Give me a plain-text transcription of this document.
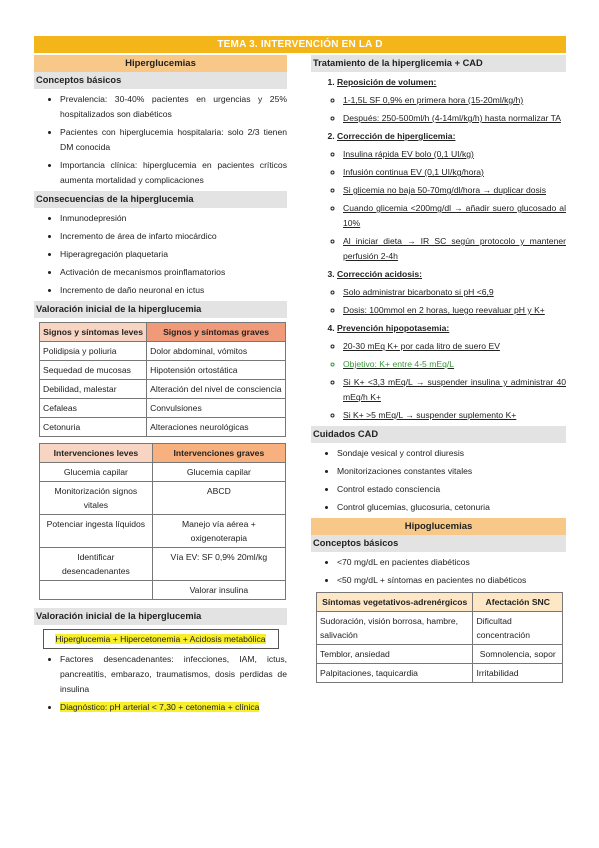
TEMA 3. INTERVENCIÓN EN LA D
Hiperglucemias
Conceptos básicos
• Prevalencia: 30-40% pacientes en urgencias y 25% hospitalizados son diabéticos
• Pacientes con hiperglucemia hospitalaria: solo 2/3 tienen DM conocida
• Importancia clínica: hiperglucemia en pacientes críticos aumenta mortalidad y complicaciones
Consecuencias de la hiperglucemia
• Inmunodepresión
• Incremento de área de infarto miocárdico
• Hiperagregación plaquetaria
• Activación de mecanismos proinflamatorios
• Incremento de daño neuronal en ictus
Valoración inicial de la hiperglucemia
Signos y síntomas leves	Signos y síntomas graves
Polidipsia y poliuria	Dolor abdominal, vómitos
Sequedad de mucosas	Hipotensión ortostática
Debilidad, malestar	Alteración del nivel de consciencia
Cefaleas	Convulsiones
Cetonuria	Alteraciones neurológicas
Intervenciones leves	Intervenciones graves
Glucemia capilar	Glucemia capilar
Monitorización signos vitales	ABCD
Potenciar ingesta líquidos	Manejo vía aérea + oxigenoterapia
Identificar desencadenantes	Vía EV: SF 0,9% 20ml/kg
	Valorar insulina
Valoración inicial de la hiperglucemia
Hiperglucemia + Hipercetonemia + Acidosis metabólica
• Factores desencadenantes: infecciones, IAM, ictus, pancreatitis, embarazo, traumatismos, dosis perdidas de insulina
• Diagnóstico: pH arterial < 7,30 + cetonemia + clínica
Tratamiento de la hiperglicemia + CAD
1. Reposición de volumen:
◦ 1-1,5L SF 0,9% en primera hora (15-20ml/kg/h)
◦ Después: 250-500ml/h (4-14ml/kg/h) hasta normalizar TA
2. Corrección de hiperglicemia:
◦ Insulina rápida EV bolo (0,1 UI/kg)
◦ Infusión continua EV (0,1 UI/kg/hora)
◦ Si glicemia no baja 50-70mg/dl/hora → duplicar dosis
◦ Cuando glicemia <200mg/dl → añadir suero glucosado al 10%
◦ Al iniciar dieta → IR SC según protocolo y mantener perfusión 2-4h
3. Corrección acidosis:
◦ Solo administrar bicarbonato si pH <6,9
◦ Dosis: 100mmol en 2 horas, luego reevaluar pH y K+
4. Prevención hipopotasemia:
◦ 20-30 mEq K+ por cada litro de suero EV
◦ Objetivo: K+ entre 4-5 mEq/L
◦ Si K+ <3,3 mEq/L → suspender insulina y administrar 40 mEq/h K+
◦ Si K+ >5 mEq/L → suspender suplemento K+
Cuidados CAD
• Sondaje vesical y control diuresis
• Monitorizaciones constantes vitales
• Control estado consciencia
• Control glucemias, glucosuria, cetonuria
Hipoglucemias
Conceptos básicos
• <70 mg/dL en pacientes diabéticos
• <50 mg/dL + síntomas en pacientes no diabéticos
Síntomas vegetativos-adrenérgicos	Afectación SNC
Sudoración, visión borrosa, hambre, salivación	Dificultad concentración
Temblor, ansiedad	Somnolencia, sopor
Palpitaciones, taquicardia	Irritabilidad
